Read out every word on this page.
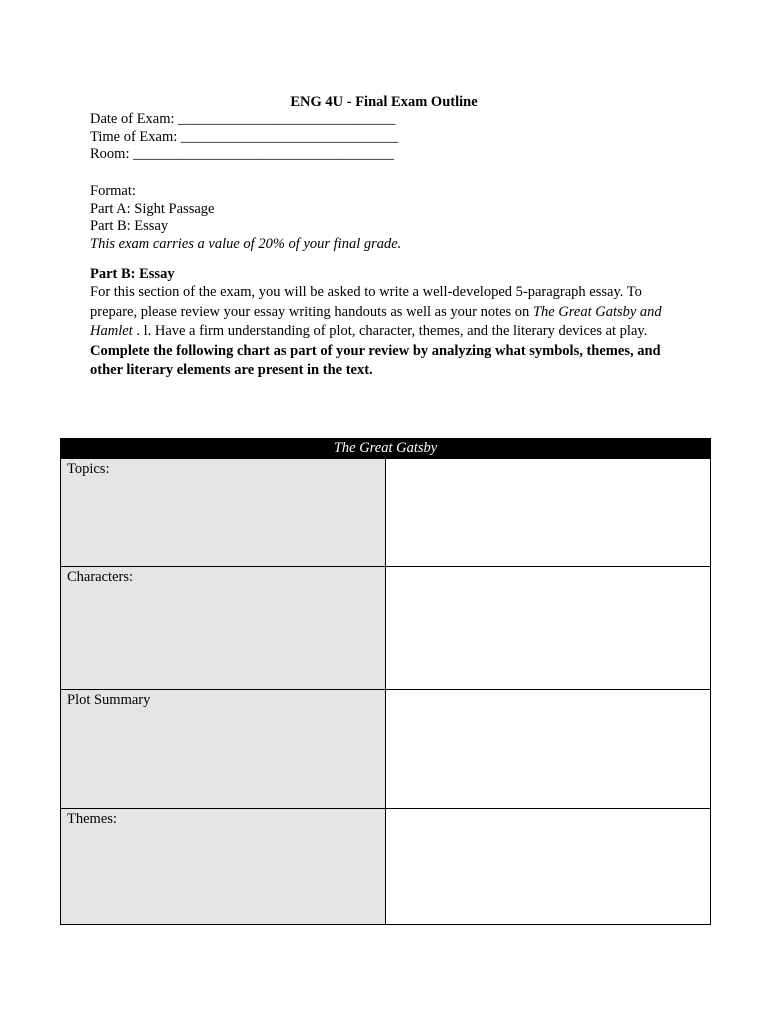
ENG 4U - Final Exam Outline
Date of Exam: ______________________________
Time of Exam: ______________________________
Room: ____________________________________
Format:
Part A: Sight Passage
Part B: Essay
This exam carries a value of 20% of your final grade.
Part B: Essay
For this section of the exam, you will be asked to write a well-developed 5-paragraph essay. To prepare, please review your essay writing handouts as well as your notes on The Great Gatsby and Hamlet . l. Have a firm understanding of plot, character, themes, and the literary devices at play.
Complete the following chart as part of your review by analyzing what symbols, themes, and other literary elements are present in the text.
The Great Gatsby	
Topics:	
Characters:	
Plot Summary	
Themes:	
